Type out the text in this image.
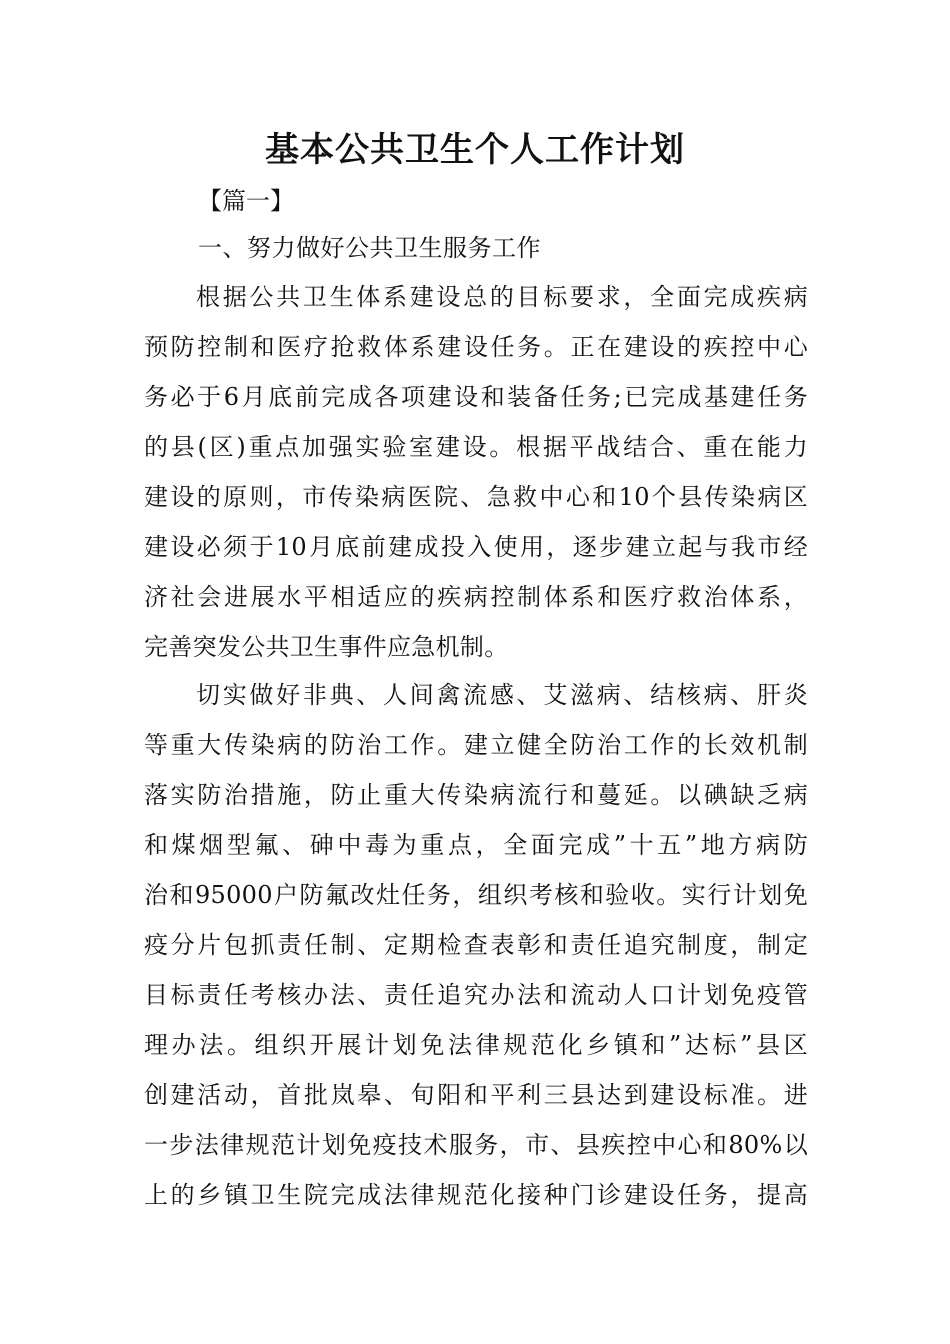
基本公共卫生个人工作计划
【篇一】
一、努力做好公共卫生服务工作
根据公共卫生体系建设总的目标要求，全面完成疾病
预防控制和医疗抢救体系建设任务。正在建设的疾控中心
务必于6月底前完成各项建设和装备任务;已完成基建任务
的县(区)重点加强实验室建设。根据平战结合、重在能力
建设的原则，市传染病医院、急救中心和10个县传染病区
建设必须于10月底前建成投入使用，逐步建立起与我市经
济社会进展水平相适应的疾病控制体系和医疗救治体系，
完善突发公共卫生事件应急机制。
切实做好非典、人间禽流感、艾滋病、结核病、肝炎
等重大传染病的防治工作。建立健全防治工作的长效机制
落实防治措施，防止重大传染病流行和蔓延。以碘缺乏病
和煤烟型氟、砷中毒为重点，全面完成”十五”地方病防
治和95000户防氟改灶任务，组织考核和验收。实行计划免
疫分片包抓责任制、定期检查表彰和责任追究制度，制定
目标责任考核办法、责任追究办法和流动人口计划免疫管
理办法。组织开展计划免法律规范化乡镇和”达标”县区
创建活动，首批岚皋、旬阳和平利三县达到建设标准。进
一步法律规范计划免疫技术服务，市、县疾控中心和80%以
上的乡镇卫生院完成法律规范化接种门诊建设任务，提高
